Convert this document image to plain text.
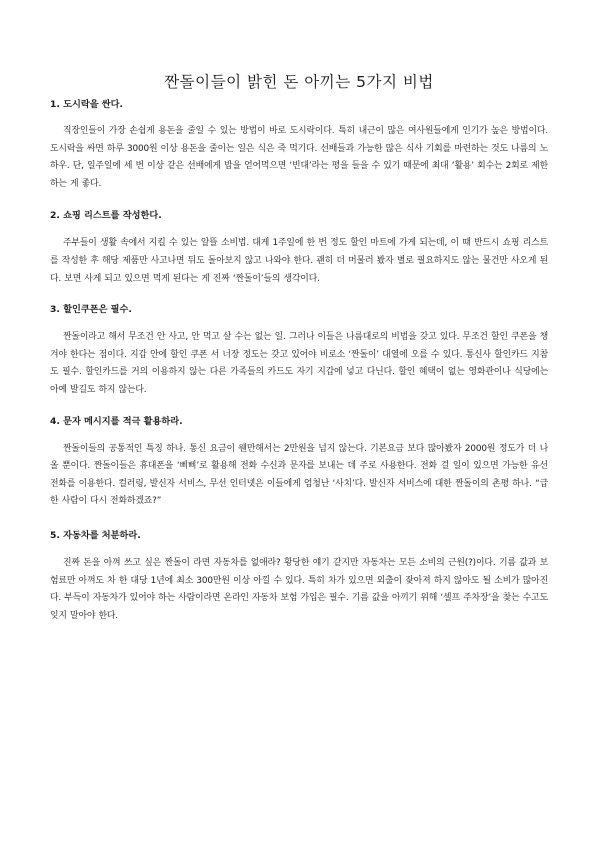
짠돌이들이 밝힌 돈 아끼는 5가지 비법

1. 도시락을 싼다.

직장인들이 가장 손쉽게 용돈을 줄일 수 있는 방법이 바로 도시락이다. 특히 내근이 많은 여사원들에게 인기가 높은 방법이다. 도시락을 싸면 하루 3000원 이상 용돈을 줄이는 일은 식은 죽 먹기다. 선배들과 가능한 많은 식사 기회를 마련하는 것도 나름의 노하우. 단, 일주일에 세 번 이상 같은 선배에게 밥을 얻어먹으면 ‘빈대’라는 평을 들을 수 있기 때문에 최대 ‘활용’ 회수는 2회로 제한하는 게 좋다.

2. 쇼핑 리스트를 작성한다.

주부들이 생활 속에서 지킬 수 있는 알뜰 소비법. 대게 1주일에 한 번 정도 할인 마트에 가게 되는데, 이 때 반드시 쇼핑 리스트를 작성한 후 해당 제품만 사고나면 뒤도 돌아보지 않고 나와야 한다. 괜히 더 머물러 봤자 별로 필요하지도 않는 물건만 사오게 된다. 보면 사게 되고 있으면 먹게 된다는 게 진짜 ‘짠돌이’들의 생각이다.

3. 할인쿠폰은 필수.

짠돌이라고 해서 무조건 안 사고, 안 먹고 살 수는 없는 일. 그러나 이들은 나름대로의 비법을 갖고 있다. 무조건 할인 쿠폰을 챙겨야 한다는 점이다. 지갑 안에 할인 쿠폰 서 너장 정도는 갖고 있어야 비로소 ‘짠돌이’ 대열에 오를 수 있다. 통신사 할인카드 지참도 필수. 할인카드를 거의 이용하지 않는 다른 가족들의 카드도 자기 지갑에 넣고 다닌다. 할인 혜택이 없는 영화관이나 식당에는 아예 발길도 하지 않는다.

4. 문자 메시지를 적극 활용하라.

짠돌이들의 공통적인 특징 하나. 통신 요금이 웬만해서는 2만원을 넘지 않는다. 기본요금 보다 많아봤자 2000원 정도가 더 나올 뿐이다. 짠돌이들은 휴대폰을 ‘삐삐’로 활용해 전화 수신과 문자를 보내는 데 주로 사용한다. 전화 걸 일이 있으면 가능한 유선 전화를 이용한다. 컬러링, 발신자 서비스, 무선 인터넷은 이들에게 엄청난 ‘사치’다. 발신자 서비스에 대한 짠돌이의 촌평 하나. “급한 사람이 다시 전화하겠죠?”

5. 자동차를 처분하라.

진짜 돈을 아껴 쓰고 싶은 짠돌이 라면 자동차를 없애라? 황당한 얘기 같지만 자동차는 모든 소비의 근원(?)이다. 기름 값과 보험료만 아껴도 차 한 대당 1년에 최소 300만원 이상 아낄 수 있다. 특히 차가 있으면 외출이 잦아져 하지 않아도 될 소비가 많아진다. 부득이 자동차가 있어야 하는 사람이라면 온라인 자동차 보험 가입은 필수. 기름 값을 아끼기 위해 ‘셀프 주차장’을 찾는 수고도 잊지 말아야 한다.
